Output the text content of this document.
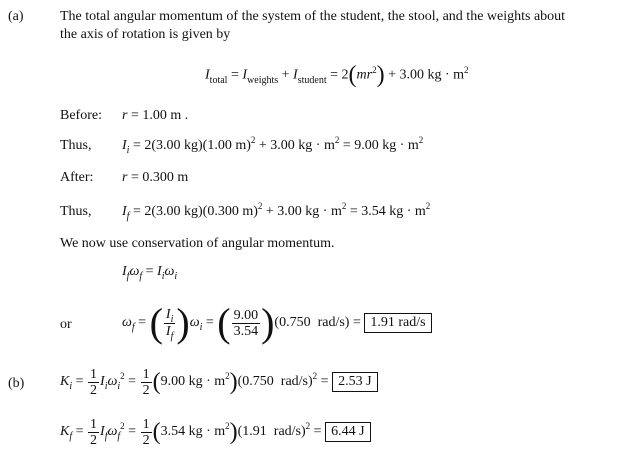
(a)	The total angular momentum of the system of the student, the stool, and the weights about
the axis of rotation is given by
$I_{total} = I_{weights} + I_{student} = 2(mr^2) + 3.00$ kg · $m^2$
Before: r = 1.00 m .
Thus, $I_i = 2(3.00$ kg)(1.00 m)$^2$ + 3.00 kg · $m^2 = 9.00$ kg · $m^2$
After: r = 0.300 m
Thus, $I_f = 2(3.00$ kg)(0.300 m)$^2$ + 3.00 kg · $m^2 = 3.54$ kg · $m^2$
We now use conservation of angular momentum.
$I_f\omega_f = I_i\omega_i$
or	ω f = ( $\frac{I_i}{I_f}$ ) ω i = ( $\frac{9.00}{3.54}$ ) (0.750  rad/s) = 1.91 rad/s
(b)	K $i = \frac{1}{2}$ I i ω i
$2 = \frac{1}{2}$ ( 9.00 kg · m 2 ) (0.750  rad/s) 2 = 2.53 J
K $f = \frac{1}{2}$ I f ω f
$2 = \frac{1}{2}$ ( 3.54 kg · m 2 ) (1.91  rad/s) 2 = 6.44 J
